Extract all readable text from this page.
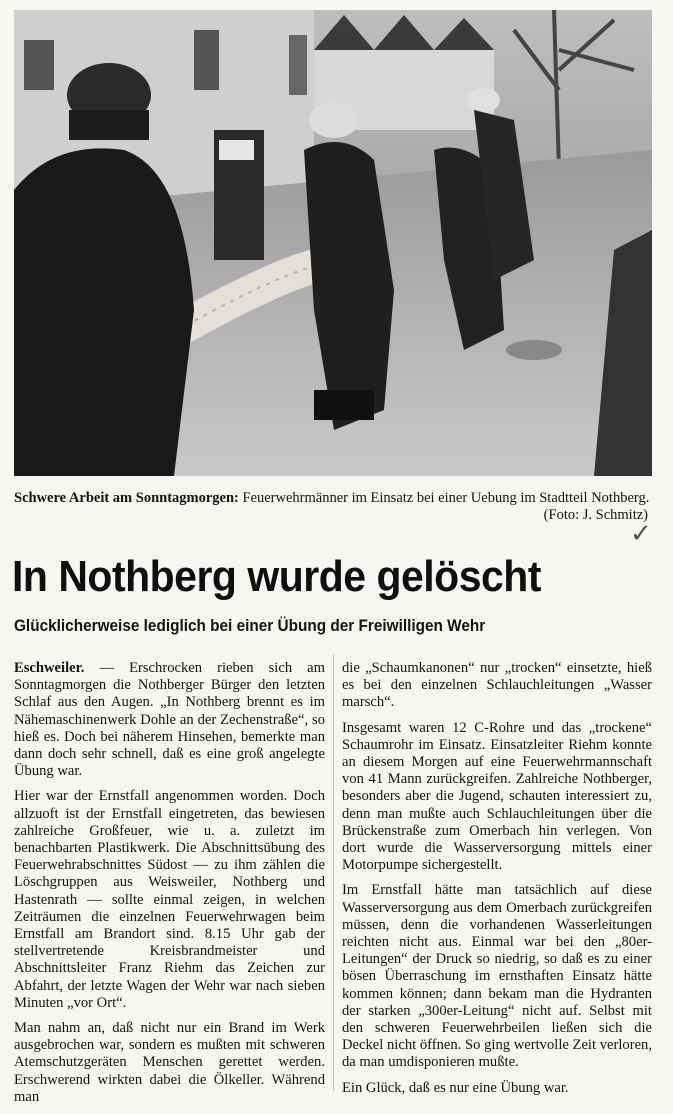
Schwere Arbeit am Sonntagmorgen: Feuerwehrmänner im Einsatz bei einer Uebung im Stadtteil Nothberg.
(Foto: J. Schmitz)
✓
In Nothberg wurde gelöscht
Glücklicherweise lediglich bei einer Übung der Freiwilligen Wehr

Eschweiler. — Erschrocken rieben sich am Sonntagmorgen die Nothberger Bürger den letzten Schlaf aus den Augen. „In Nothberg brennt es im Nähemaschinenwerk Dohle an der Zechenstraße“, so hieß es. Doch bei näherem Hinsehen, bemerkte man dann doch sehr schnell, daß es eine groß angelegte Übung war.

Hier war der Ernstfall angenommen worden. Doch allzuoft ist der Ernstfall eingetreten, das bewiesen zahlreiche Großfeuer, wie u. a. zuletzt im benachbarten Plastikwerk. Die Abschnittsübung des Feuerwehrabschnittes Südost — zu ihm zählen die Löschgruppen aus Weisweiler, Nothberg und Hastenrath — sollte einmal zeigen, in welchen Zeiträumen die einzelnen Feuerwehrwagen beim Ernstfall am Brandort sind. 8.15 Uhr gab der stellvertretende Kreisbrandmeister und Abschnittsleiter Franz Riehm das Zeichen zur Abfahrt, der letzte Wagen der Wehr war nach sieben Minuten „vor Ort“.

Man nahm an, daß nicht nur ein Brand im Werk ausgebrochen war, sondern es mußten mit schweren Atemschutzgeräten Menschen gerettet werden. Erschwerend wirkten dabei die Ölkeller. Während man

die „Schaumkanonen“ nur „trocken“ einsetzte, hieß es bei den einzelnen Schlauchleitungen „Wasser marsch“.

Insgesamt waren 12 C-Rohre und das „trockene“ Schaumrohr im Einsatz. Einsatzleiter Riehm konnte an diesem Morgen auf eine Feuerwehrmannschaft von 41 Mann zurückgreifen. Zahlreiche Nothberger, besonders aber die Jugend, schauten interessiert zu, denn man mußte auch Schlauchleitungen über die Brückenstraße zum Omerbach hin verlegen. Von dort wurde die Wasserversorgung mittels einer Motorpumpe sichergestellt.

Im Ernstfall hätte man tatsächlich auf diese Wasserversorgung aus dem Omerbach zurückgreifen müssen, denn die vorhandenen Wasserleitungen reichten nicht aus. Einmal war bei den „80er-Leitungen“ der Druck so niedrig, so daß es zu einer bösen Überraschung im ernsthaften Einsatz hätte kommen können; dann bekam man die Hydranten der starken „300er-Leitung“ nicht auf. Selbst mit den schweren Feuerwehrbeilen ließen sich die Deckel nicht öffnen. So ging wertvolle Zeit verloren, da man umdisponieren mußte.

Ein Glück, daß es nur eine Übung war.
